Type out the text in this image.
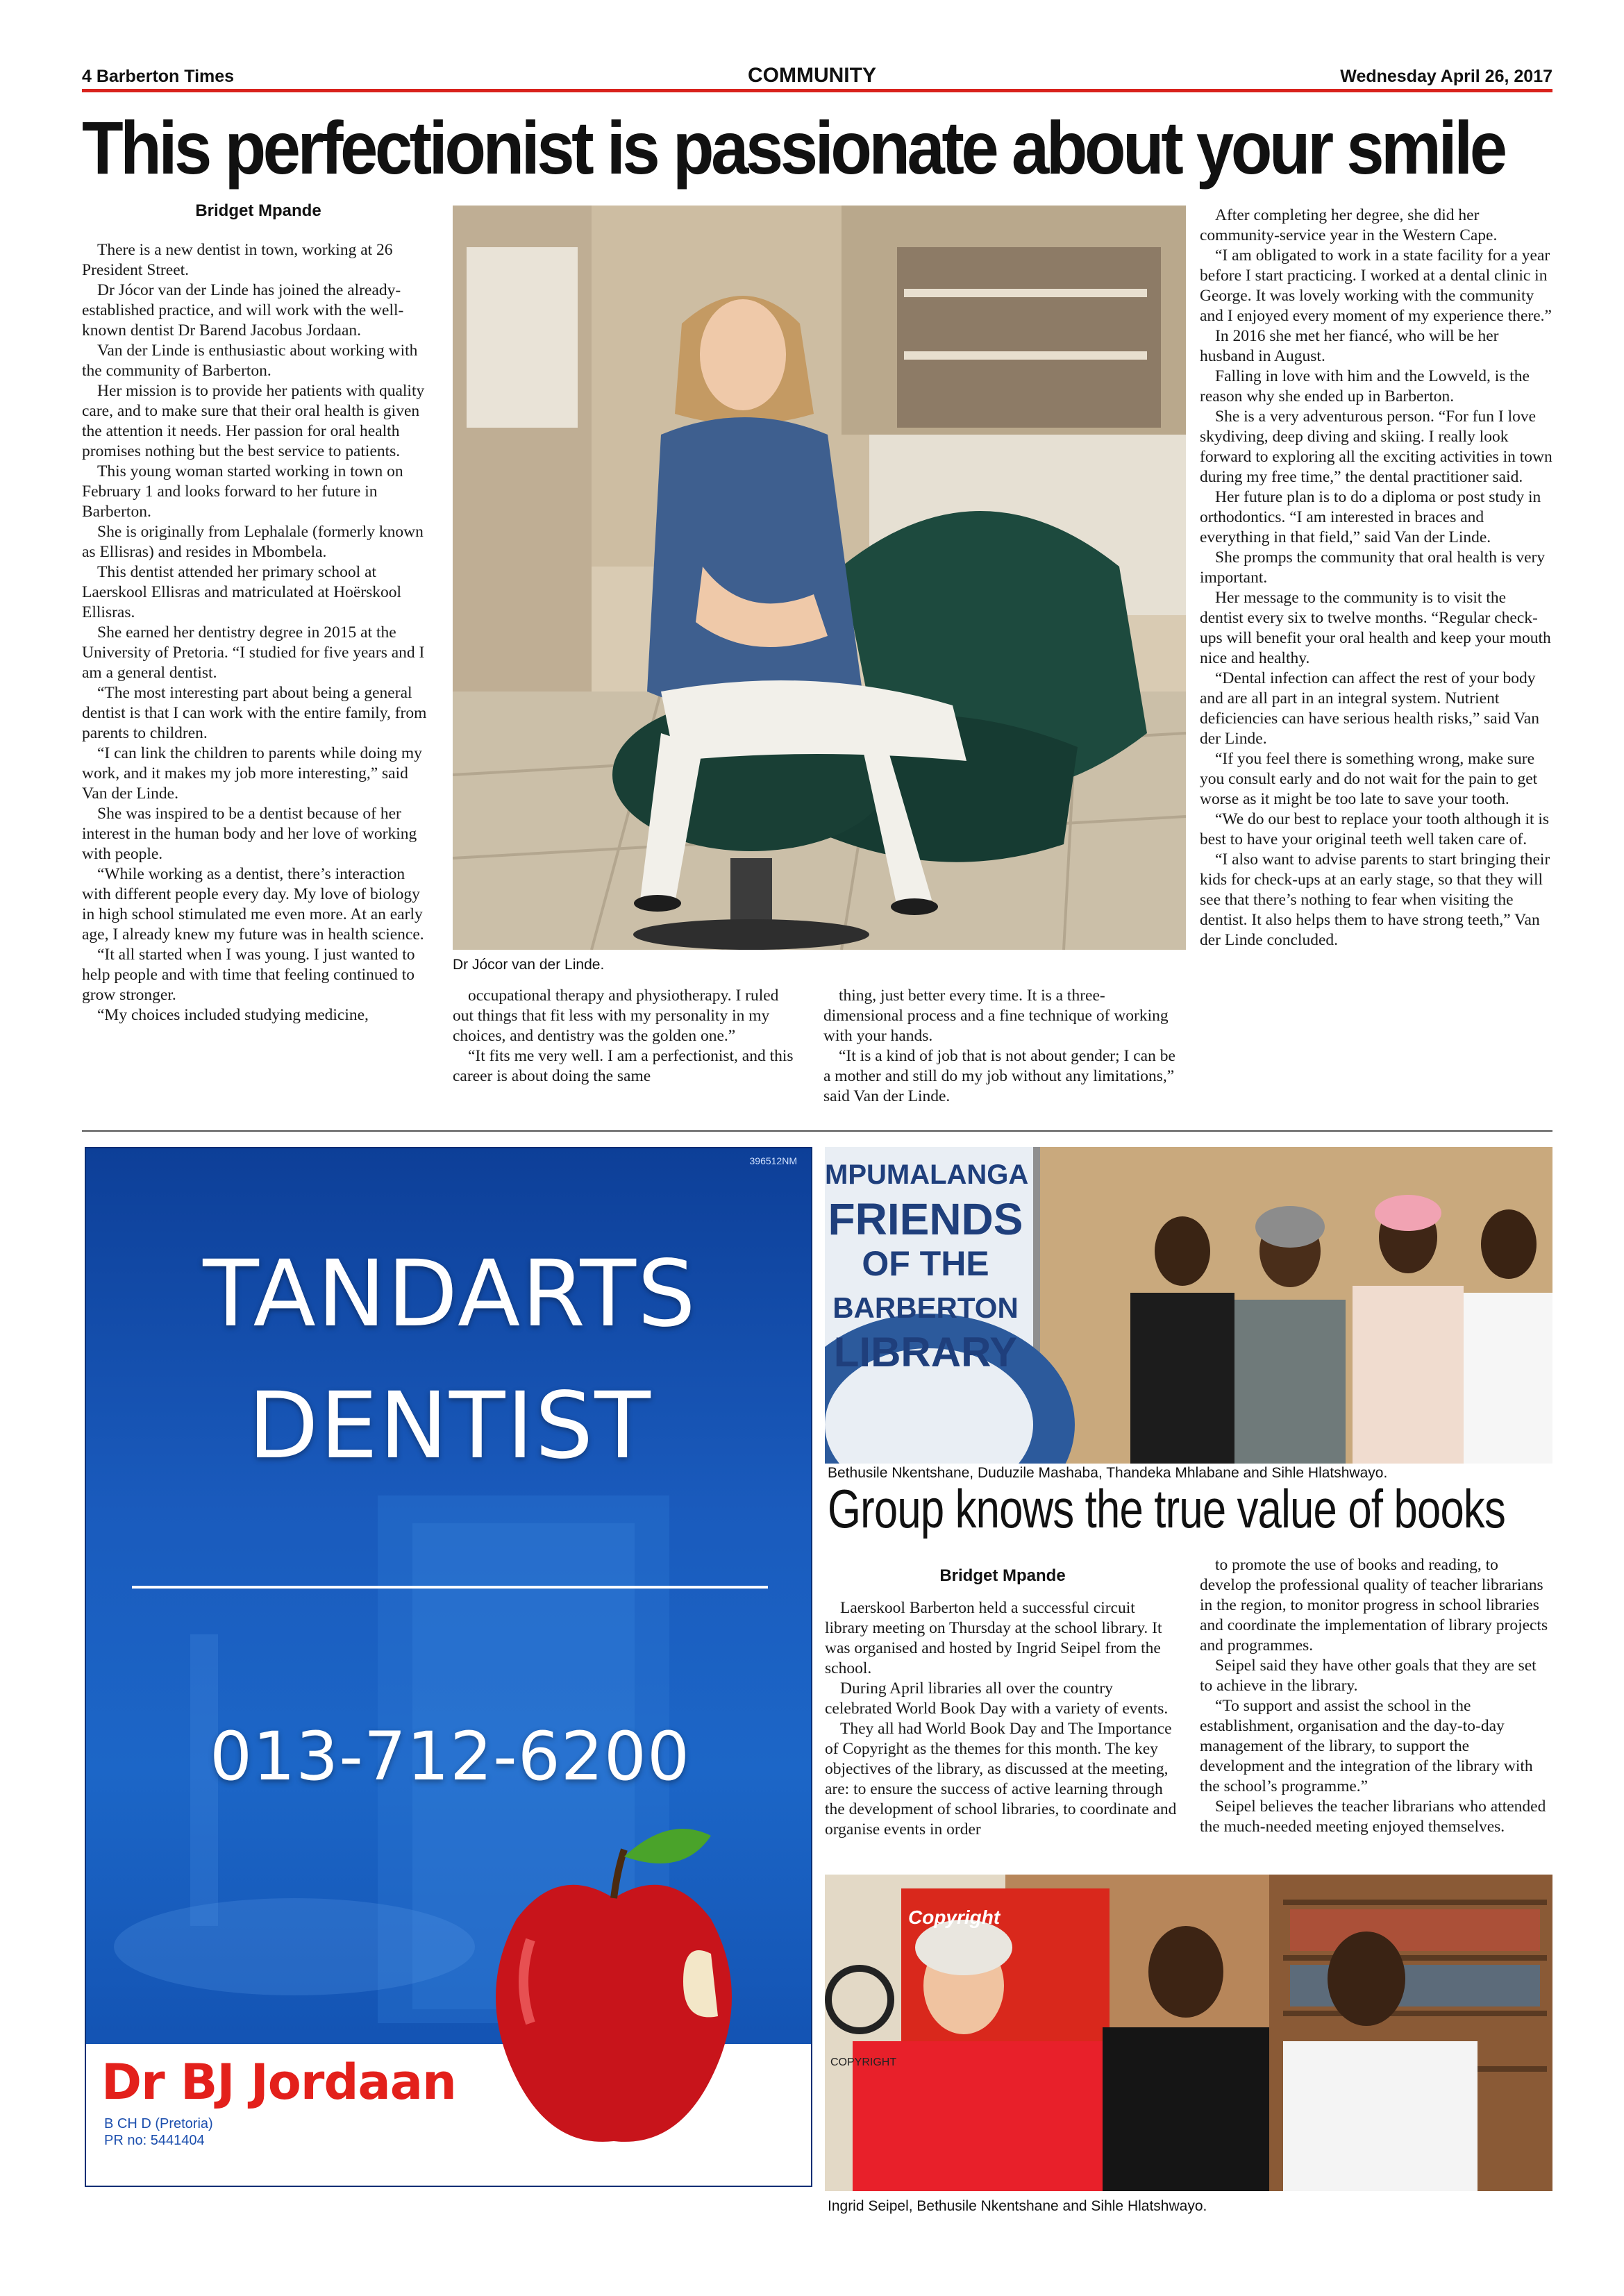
4 Barberton Times	COMMUNITY	Wednesday April 26, 2017
This perfectionist is passionate about your smile
Bridget Mpande

There is a new dentist in town, working at 26 President Street.

Dr Jócor van der Linde has joined the already-established practice, and will work with the well-known dentist Dr Barend Jacobus Jordaan.

Van der Linde is enthusiastic about working with the community of Barberton.

Her mission is to provide her patients with quality care, and to make sure that their oral health is given the attention it needs. Her passion for oral health promises nothing but the best service to patients.

This young woman started working in town on February 1 and looks forward to her future in Barberton.

She is originally from Lephalale (formerly known as Ellisras) and resides in Mbombela.

This dentist attended her primary school at Laerskool Ellisras and matriculated at Hoërskool Ellisras.

She earned her dentistry degree in 2015 at the University of Pretoria. “I studied for five years and I am a general dentist.

“The most interesting part about being a general dentist is that I can work with the entire family, from parents to children.

“I can link the children to parents while doing my work, and it makes my job more interesting,” said Van der Linde.

She was inspired to be a dentist because of her interest in the human body and her love of working with people.

“While working as a dentist, there’s interaction with different people every day. My love of biology in high school stimulated me even more. At an early age, I already knew my future was in health science.

“It all started when I was young. I just wanted to help people and with time that feeling continued to grow stronger.

“My choices included studying medicine,

Dr Jócor van der Linde.

occupational therapy and physiotherapy. I ruled out things that fit less with my personality in my choices, and dentistry was the golden one.”

“It fits me very well. I am a perfectionist, and this career is about doing the same

thing, just better every time. It is a three-dimensional process and a fine technique of working with your hands.

“It is a kind of job that is not about gender; I can be a mother and still do my job without any limitations,” said Van der Linde.

After completing her degree, she did her community-service year in the Western Cape.

“I am obligated to work in a state facility for a year before I start practicing. I worked at a dental clinic in George. It was lovely working with the community and I enjoyed every moment of my experience there.”

In 2016 she met her fiancé, who will be her husband in August.

Falling in love with him and the Lowveld, is the reason why she ended up in Barberton.

She is a very adventurous person. “For fun I love skydiving, deep diving and skiing. I really look forward to exploring all the exciting activities in town during my free time,” the dental practitioner said.

Her future plan is to do a diploma or post study in orthodontics. “I am interested in braces and everything in that field,” said Van der Linde.

She promps the community that oral health is very important.

Her message to the community is to visit the dentist every six to twelve months. “Regular check-ups will benefit your oral health and keep your mouth nice and healthy.

“Dental infection can affect the rest of your body and are all part in an integral system. Nutrient deficiencies can have serious health risks,” said Van der Linde.

“If you feel there is something wrong, make sure you consult early and do not wait for the pain to get worse as it might be too late to save your tooth.

“We do our best to replace your tooth although it is best to have your original teeth well taken care of.

“I also want to advise parents to start bringing their kids for check-ups at an early stage, so that they will see that there’s nothing to fear when visiting the dentist. It also helps them to have strong teeth,” Van der Linde concluded.

396512NM
TANDARTS
DENTIST
013-712-6200
Dr BJ Jordaan
B CH D (Pretoria)
PR no: 5441404
MPUMALANGA
FRIENDS
OF THE
BARBERTON
LIBRARY
Bethusile Nkentshane, Duduzile Mashaba, Thandeka Mhlabane and Sihle Hlatshwayo.
Group knows the true value of books
Bridget Mpande

Laerskool Barberton held a successful circuit library meeting on Thursday at the school library. It was organised and hosted by Ingrid Seipel from the school.

During April libraries all over the country celebrated World Book Day with a variety of events.

They all had World Book Day and The Importance of Copyright as the themes for this month. The key objectives of the library, as discussed at the meeting, are: to ensure the success of active learning through the development of school libraries, to coordinate and organise events in order

to promote the use of books and reading, to develop the professional quality of teacher librarians in the region, to monitor progress in school libraries and coordinate the implementation of library projects and programmes.

Seipel said they have other goals that they are set to achieve in the library.

“To support and assist the school in the establishment, organisation and the day-to-day management of the library, to support the development and the integration of the library with the school’s programme.”

Seipel believes the teacher librarians who attended the much-needed meeting enjoyed themselves.

Copyright
COPYRIGHT
Ingrid Seipel, Bethusile Nkentshane and Sihle Hlatshwayo.
